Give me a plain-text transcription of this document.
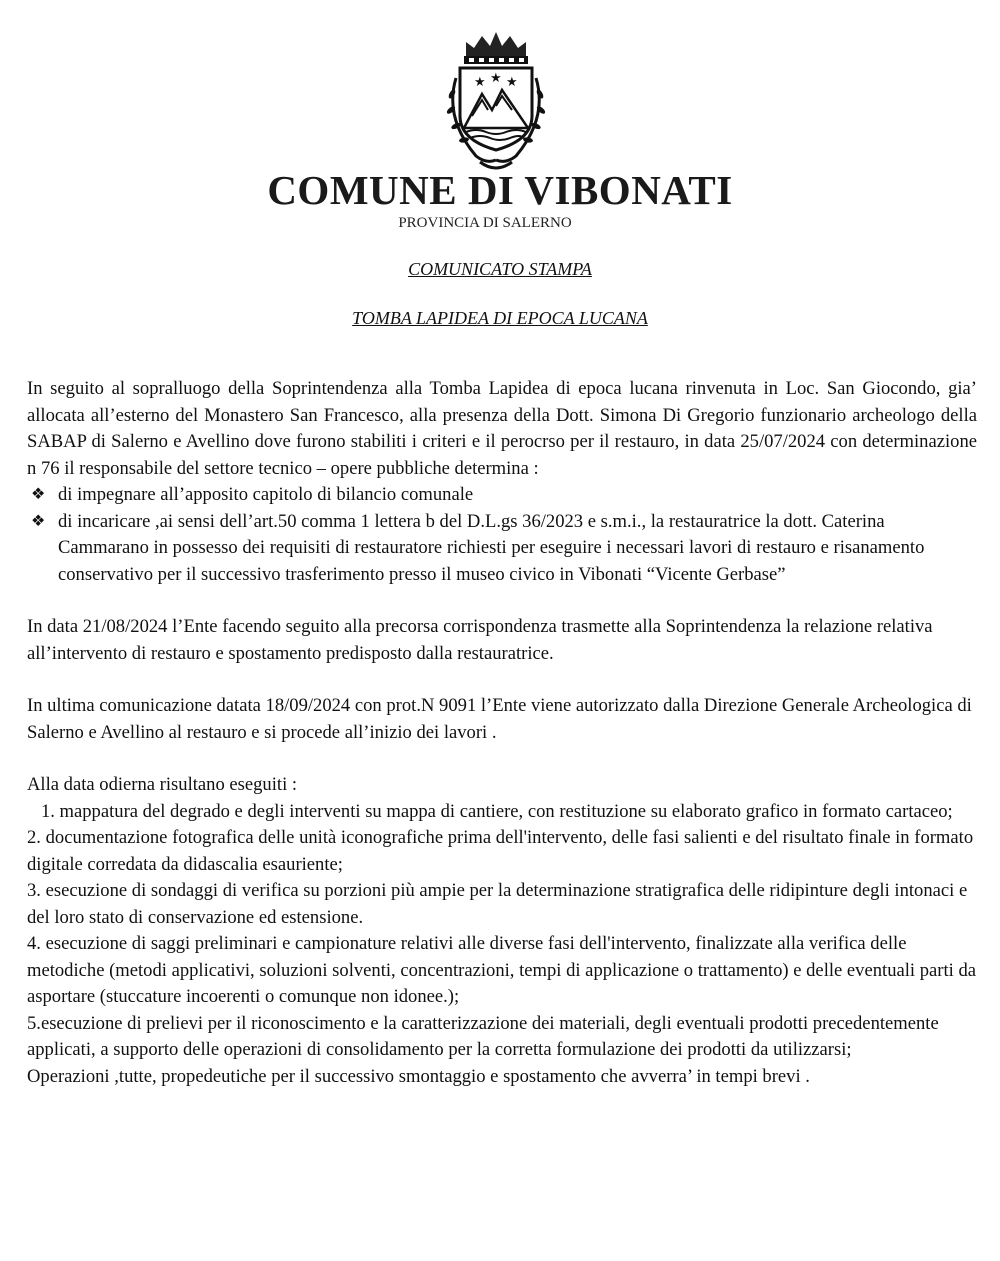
★ ★ ★
COMUNE DI VIBONATI
PROVINCIA DI SALERNO
COMUNICATO STAMPA
TOMBA LAPIDEA DI EPOCA LUCANA

In seguito al sopralluogo della Soprintendenza alla Tomba Lapidea di epoca lucana rinvenuta in Loc. San Giocondo, gia’ allocata all’esterno del Monastero San Francesco, alla presenza della Dott. Simona Di Gregorio funzionario archeologo della SABAP di Salerno e Avellino dove furono stabiliti i criteri e il perocrso per il restauro, in data 25/07/2024 con determinazione n 76 il responsabile del settore tecnico – opere pubbliche determina :

❖ di impegnare all’apposito capitolo di bilancio comunale
❖ di incaricare ,ai sensi dell’art.50 comma 1 lettera b del D.L.gs 36/2023 e s.m.i., la restauratrice la dott. Caterina Cammarano in possesso dei requisiti di restauratore richiesti per eseguire i necessari lavori di restauro e risanamento conservativo per il successivo trasferimento presso il museo civico in Vibonati “Vicente Gerbase”

In data 21/08/2024 l’Ente facendo seguito alla precorsa corrispondenza trasmette alla Soprintendenza la relazione relativa all’intervento di restauro e spostamento predisposto dalla restauratrice.

In ultima comunicazione datata 18/09/2024 con prot.N 9091 l’Ente viene autorizzato dalla Direzione Generale Archeologica di Salerno e Avellino al restauro e si procede all’inizio dei lavori .

Alla data odierna risultano eseguiti :

1. mappatura del degrado e degli interventi su mappa di cantiere, con restituzione su elaborato grafico in formato cartaceo;
2. documentazione fotografica delle unità iconografiche prima dell'intervento, delle fasi salienti e del risultato finale in formato digitale corredata da didascalia esauriente;
3. esecuzione di sondaggi di verifica su porzioni più ampie per la determinazione stratigrafica delle ridipinture degli intonaci e del loro stato di conservazione ed estensione.
4. esecuzione di saggi preliminari e campionature relativi alle diverse fasi dell'intervento, finalizzate alla verifica delle metodiche (metodi applicativi, soluzioni solventi, concentrazioni, tempi di applicazione o trattamento) e delle eventuali parti da asportare (stuccature incoerenti o comunque non idonee.);
5.esecuzione di prelievi per il riconoscimento e la caratterizzazione dei materiali, degli eventuali prodotti precedentemente applicati, a supporto delle operazioni di consolidamento per la corretta formulazione dei prodotti da utilizzarsi;

Operazioni ,tutte, propedeutiche per il successivo smontaggio e spostamento che avverra’ in tempi brevi .
